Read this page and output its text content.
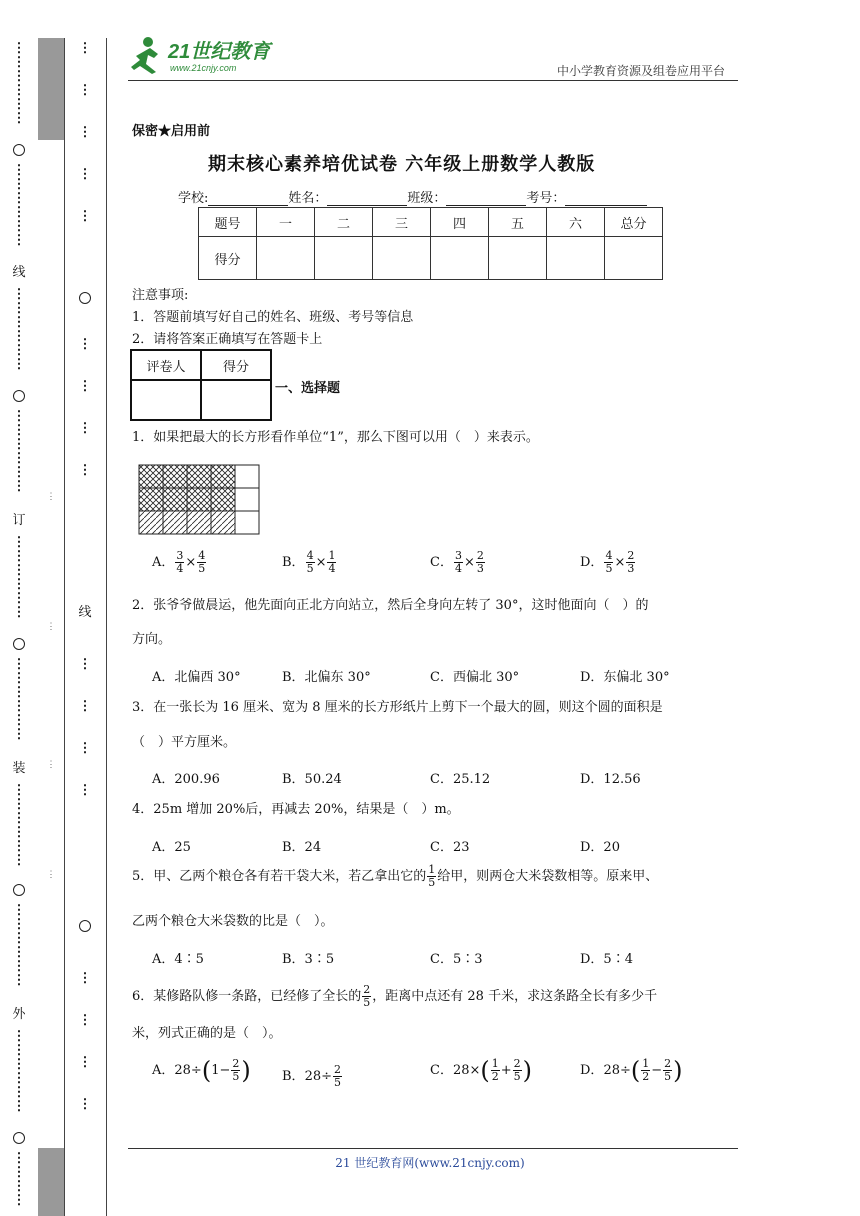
⋮
⋮
⋮
⋮
⋮
⋮
⋮
⋮
⋮
⋮
⋮
⋮
线
⋮
⋮
⋮
⋮
⋮
⋮
⋮
⋮
⋮
⋮
⋮
⋮
订
⋮
⋮
⋮
⋮
⋮
⋮
⋮
⋮
⋮
⋮
⋮
⋮
装
⋮
⋮
⋮
⋮
⋮
⋮
⋮
⋮
⋮
⋮
⋮
⋮
外
⋮
⋮
⋮
⋮
⋮
⋮
⋮
⋮
⋮
⋮
⋮
⋮
⋮
⋮
⋮

⋮

⋮

⋮

⋮
⋮

⋮

⋮

⋮
线
⋮

⋮

⋮

⋮
⋮

⋮

⋮

⋮
21世纪教育
www.21cnjy.com	中小学教育资源及组卷应用平台
保密★启用前
期末核心素养培优试卷 六年级上册数学人教版
学校:	姓名：	班级：	考号：
题号	一	二	三	四	五	六	总分
得分							
注意事项:
1．答题前填写好自己的姓名、班级、考号等信息
2．请将答案正确填写在答题卡上
评卷人	得分

一、选择题
1．如果把最大的长方形看作单位“1”，那么下图可以用（　）来表示。
A． $\frac{3}{4} \times \frac{4}{5}$	B． $\frac{4}{5} \times \frac{1}{4}$	C． $\frac{3}{4} \times \frac{2}{3}$	D． $\frac{4}{5} \times \frac{2}{3}$
2．张爷爷做晨运，他先面向正北方向站立，然后全身向左转了 30°，这时他面向（　）的
方向。
A．北偏西 30°	B．北偏东 30°	C．西偏北 30°	D．东偏北 30°
3．在一张长为 16 厘米、宽为 8 厘米的长方形纸片上剪下一个最大的圆，则这个圆的面积是
（　）平方厘米。
A．200.96	B．50.24	C．25.12	D．12.56
4．25m 增加 20%后，再减去 20%，结果是（　）m。
A．25	B．24	C．23	D．20
5．甲、乙两个粮仓各有若干袋大米，若乙拿出它的 $\frac{1}{5}$ 给甲，则两仓大米袋数相等。原来甲、
乙两个粮仓大米袋数的比是（　）。
A．4∶5	B．3∶5	C．5∶3	D．5∶4
6．某修路队修一条路，已经修了全长的 $\frac{2}{5}$ ，距离中点还有 28 千米，求这条路全长有多少千
米，列式正确的是（　）。
A．$28\div(1- \frac{2}{5}$ ) B．$28\div \frac{2}{5}$	C．$28\times( \frac{1}{2} + \frac{2}{5}$ )	D．$28\div( \frac{1}{2} - \frac{2}{5}$ )
21 世纪教育网(www.21cnjy.com)
